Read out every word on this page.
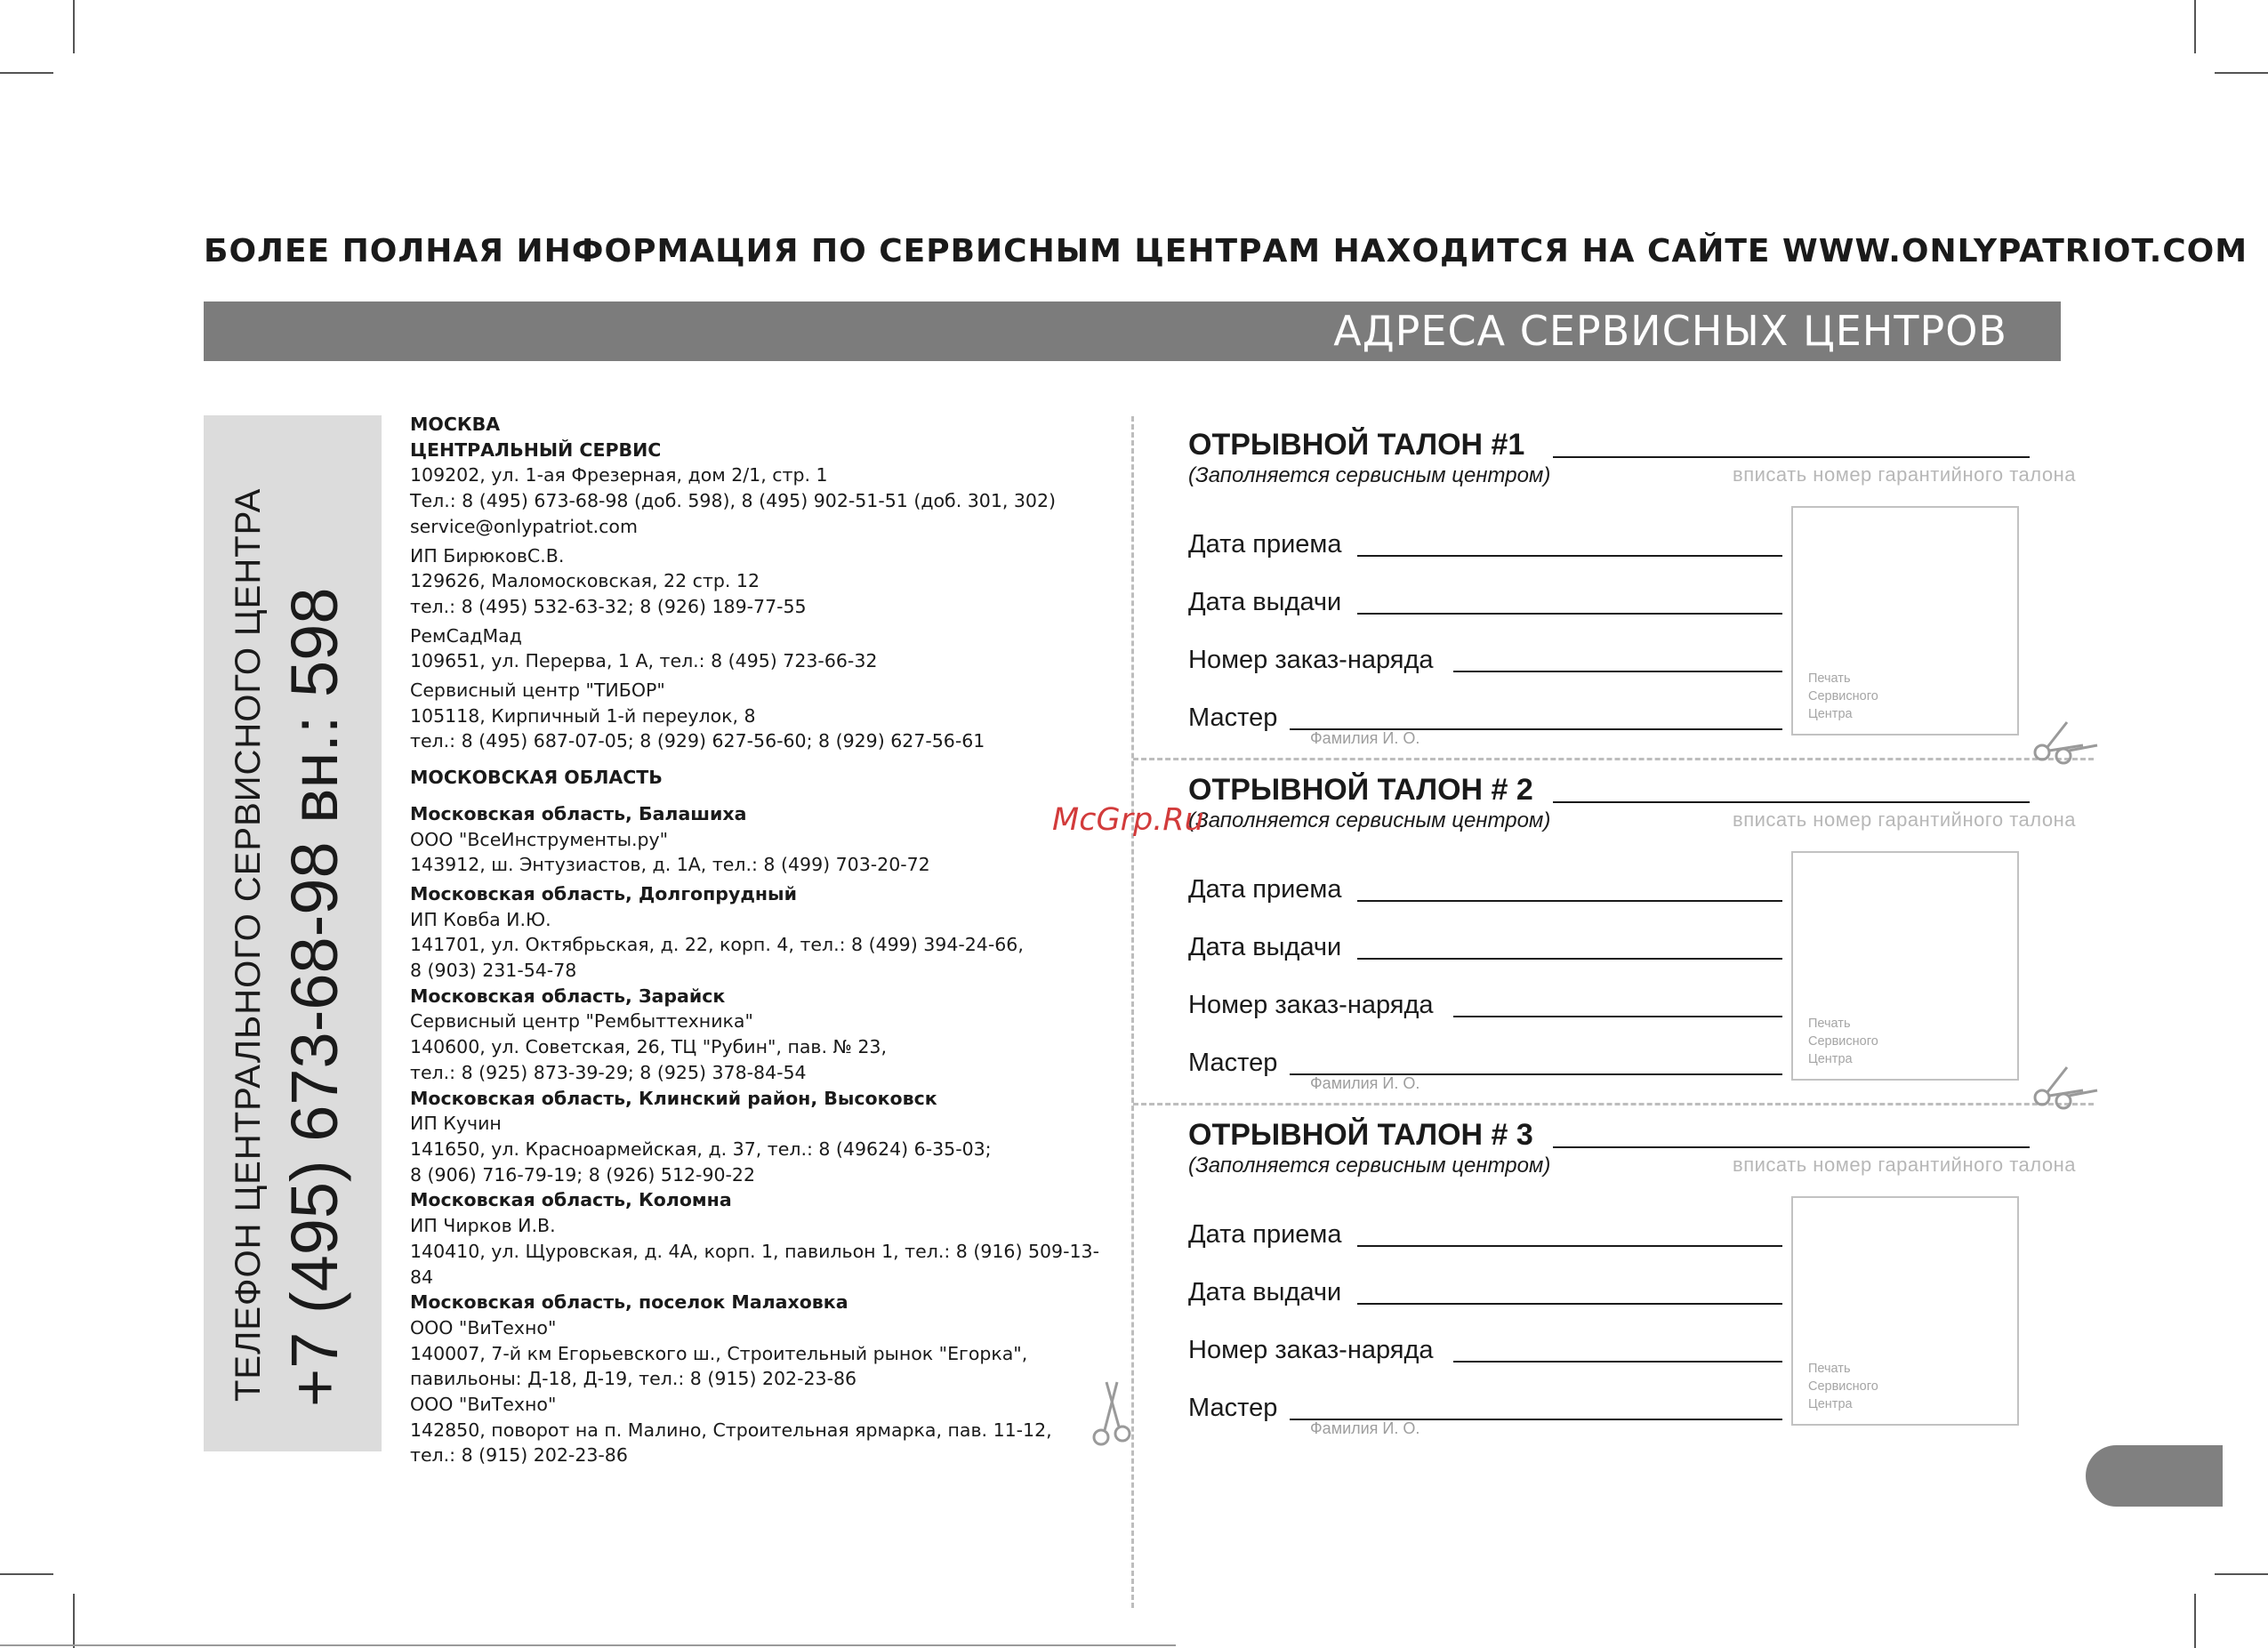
БОЛЕЕ ПОЛНАЯ ИНФОРМАЦИЯ ПО СЕРВИСНЫМ ЦЕНТРАМ НАХОДИТСЯ НА САЙТЕ WWW.ONLYPATRIOT.COM
АДРЕСА СЕРВИСНЫХ ЦЕНТРОВ
ТЕЛЕФОН ЦЕНТРАЛЬНОГО СЕРВИСНОГО ЦЕНТРА +7 (495) 673-68-98 вн.: 598
МОСКВА
ЦЕНТРАЛЬНЫЙ СЕРВИС
109202, ул. 1-ая Фрезерная, дом 2/1, стр. 1
Тел.: 8 (495) 673-68-98 (доб. 598), 8 (495) 902-51-51 (доб. 301, 302)
service@onlypatriot.com
ИП БирюковС.В.
129626, Маломосковская, 22 стр. 12
тел.: 8 (495) 532-63-32; 8 (926) 189-77-55
РемСадМад
109651, ул. Перерва, 1 А, тел.: 8 (495) 723-66-32
Сервисный центр "ТИБОР"
105118, Кирпичный 1-й переулок, 8
тел.: 8 (495) 687-07-05; 8 (929) 627-56-60; 8 (929) 627-56-61
МОСКОВСКАЯ ОБЛАСТЬ
Московская область, Балашиха
ООО "ВсеИнструменты.ру"
143912, ш. Энтузиастов, д. 1А, тел.: 8 (499) 703-20-72
Московская область, Долгопрудный
ИП Ковба И.Ю.
141701, ул. Октябрьская, д. 22, корп. 4, тел.: 8 (499) 394-24-66,
8 (903) 231-54-78
Московская область, Зарайск
Сервисный центр "Рембыттехника"
140600, ул. Советская, 26, ТЦ "Рубин", пав. № 23,
тел.: 8 (925) 873-39-29; 8 (925) 378-84-54
Московская область, Клинский район, Высоковск
ИП Кучин
141650, ул. Красноармейская, д. 37, тел.: 8 (49624) 6-35-03;
8 (906) 716-79-19; 8 (926) 512-90-22
Московская область, Коломна
ИП Чирков И.В.
140410, ул. Щуровская, д. 4А, корп. 1, павильон 1, тел.: 8 (916) 509-13-84
Московская область, поселок Малаховка
ООО "ВиТехно"
140007, 7-й км Егорьевского ш., Строительный рынок "Егорка",
павильоны: Д-18, Д-19, тел.: 8 (915) 202-23-86
ООО "ВиТехно"
142850, поворот на п. Малино, Строительная ярмарка, пав. 11-12,
тел.: 8 (915) 202-23-86
ОТРЫВНОЙ ТАЛОН #1
(Заполняется сервисным центром)	вписать номер гарантийного талона
Дата приема
Дата выдачи
Номер заказ-наряда
Мастер
Фамилия И. О.
Печать Сервисного Центра
ОТРЫВНОЙ ТАЛОН # 2
(Заполняется сервисным центром)	вписать номер гарантийного талона
Дата приема
Дата выдачи
Номер заказ-наряда
Мастер
Фамилия И. О.
Печать Сервисного Центра
ОТРЫВНОЙ ТАЛОН # 3
(Заполняется сервисным центром)	вписать номер гарантийного талона
Дата приема
Дата выдачи
Номер заказ-наряда
Мастер
Фамилия И. О.
Печать Сервисного Центра
McGrp.Ru
